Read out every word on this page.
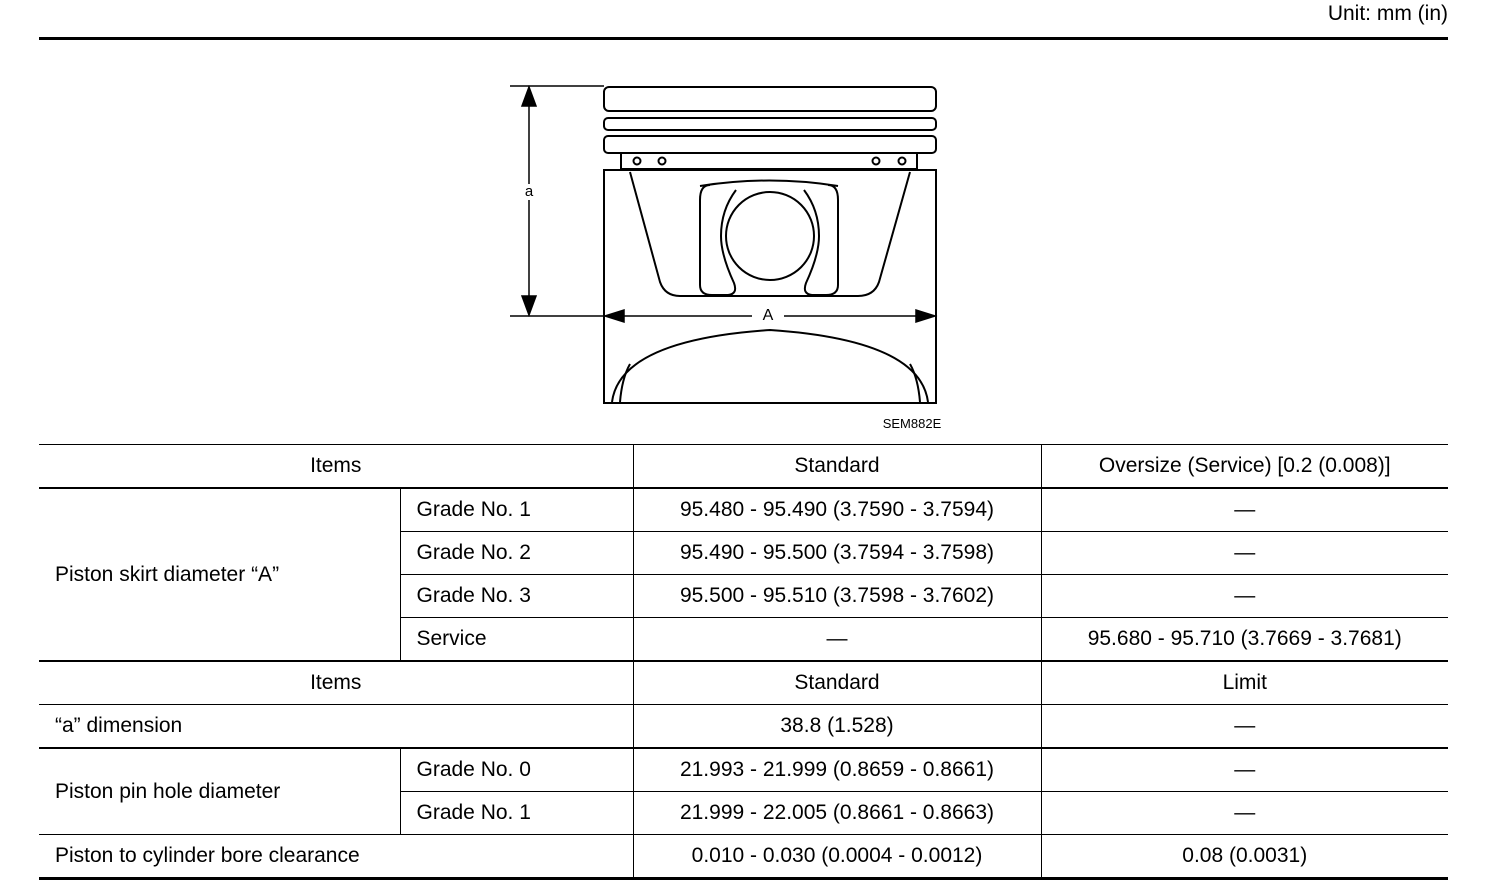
Unit: mm (in)
a
A
SEM882E
Items		Standard	Oversize (Service) [0.2 (0.008)]
Piston skirt diameter “A”	Grade No. 1	95.480 - 95.490 (3.7590 - 3.7594)	—
	Grade No. 2	95.490 - 95.500 (3.7594 - 3.7598)	—
	Grade No. 3	95.500 - 95.510 (3.7598 - 3.7602)	—
	Service	—	95.680 - 95.710 (3.7669 - 3.7681)
Items		Standard	Limit
“a” dimension		38.8 (1.528)	—
Piston pin hole diameter	Grade No. 0	21.993 - 21.999 (0.8659 - 0.8661)	—
	Grade No. 1	21.999 - 22.005 (0.8661 - 0.8663)	—
Piston to cylinder bore clearance		0.010 - 0.030 (0.0004 - 0.0012)	0.08 (0.0031)
